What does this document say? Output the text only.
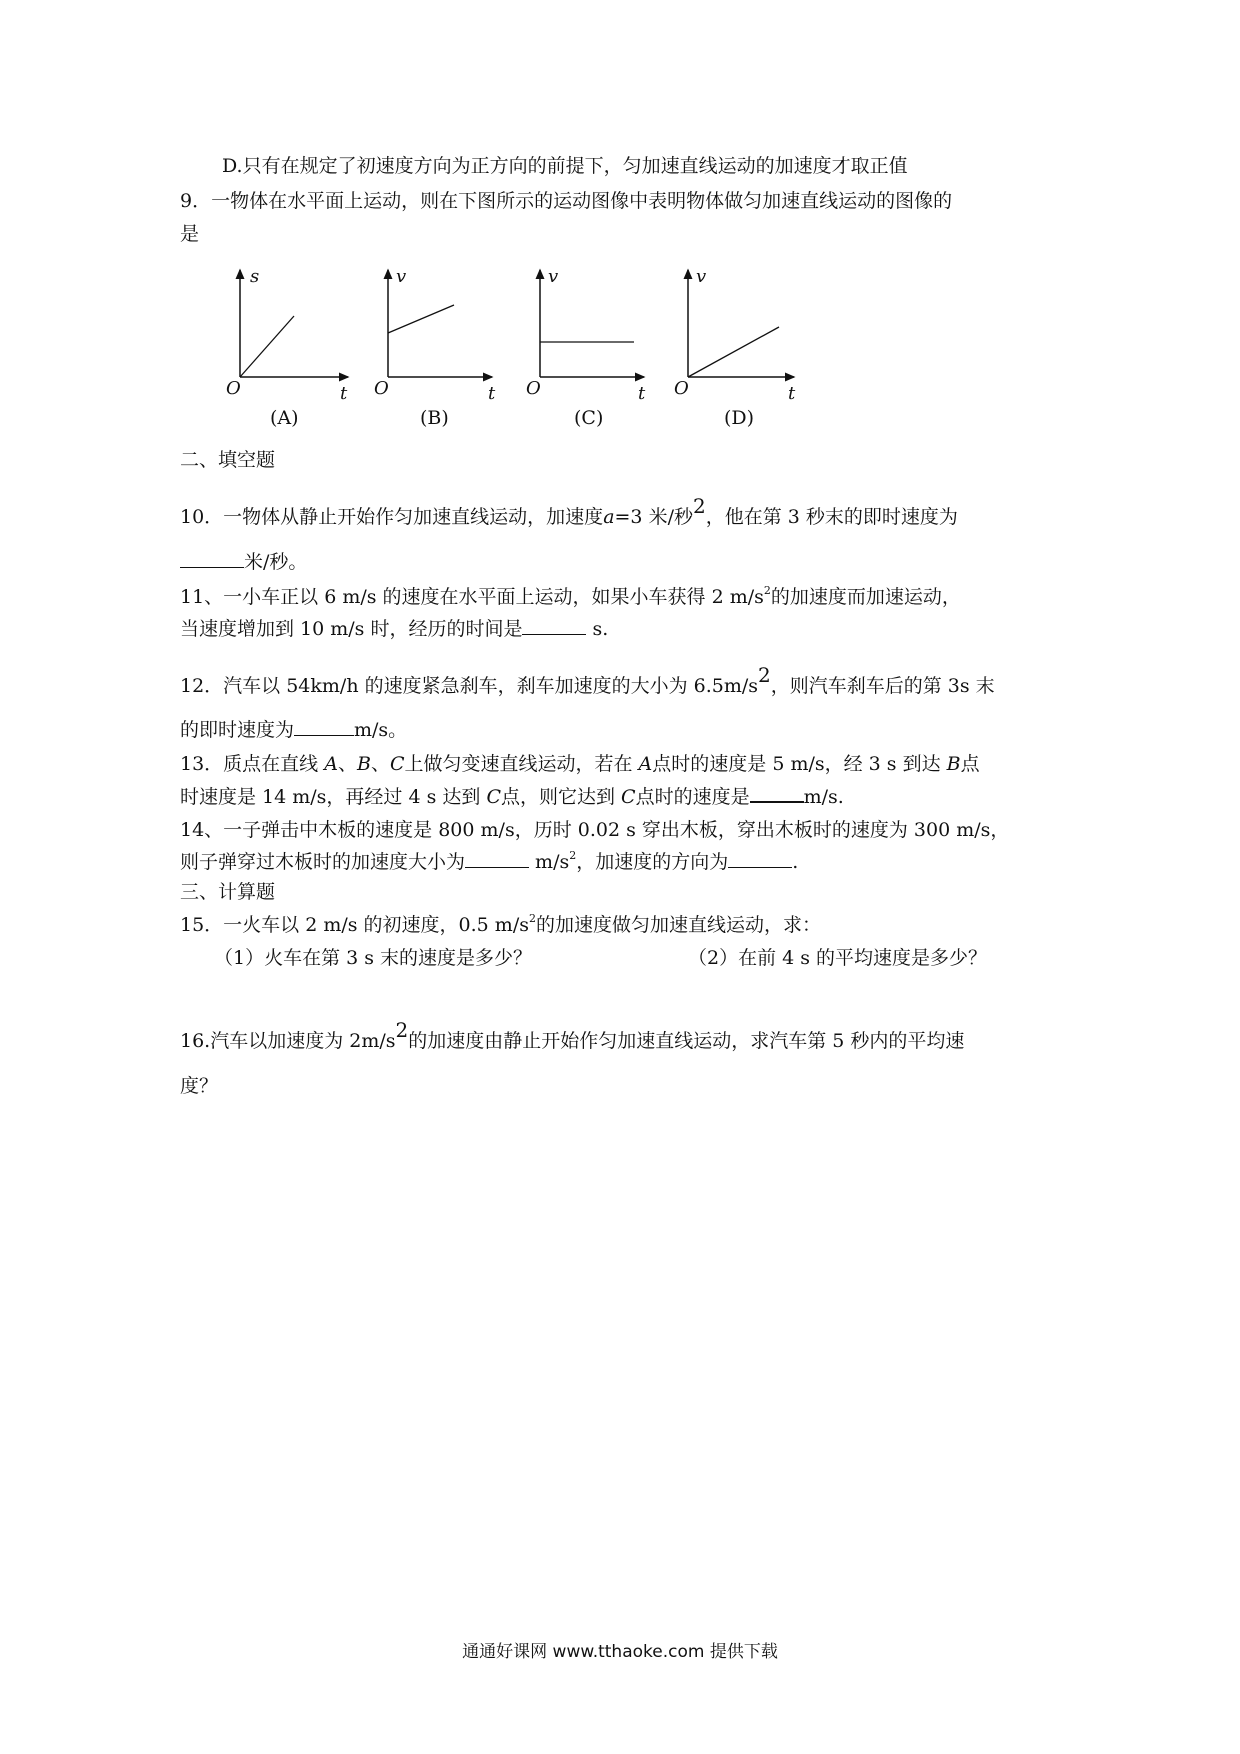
D.只有在规定了初速度方向为正方向的前提下，匀加速直线运动的加速度才取正值
9．一物体在水平面上运动，则在下图所示的运动图像中表明物体做匀加速直线运动的图像的
是
s
t
O
(A)
v
t
O
(B)
v
t
O
(C)
v
t
O
(D)
二、填空题
10．一物体从静止开始作匀加速直线运动，加速度a=3 米/秒$^2$，他在第 3 秒末的即时速度为
米/秒。
11、一小车正以 6 m/s 的速度在水平面上运动，如果小车获得 2 $m/s^2$的加速度而加速运动，
当速度增加到 10 m/s 时，经历的时间是	s.
12．汽车以 54km/h 的速度紧急刹车，刹车加速度的大小为 $6.5m/s^2$，则汽车刹车后的第 3s 末
的即时速度为	m/s。
13．质点在直线 A、B、C上做匀变速直线运动，若在 A点时的速度是 5 m/s，经 3 s 到达 B点
时速度是 14 m/s，再经过 4 s 达到 C点，则它达到 C点时的速度是	m/s.
14、一子弹击中木板的速度是 800 m/s，历时 0.02 s 穿出木板，穿出木板时的速度为 300 m/s，
则子弹穿过木板时的加速度大小为	$m/s^2$，加速度的方向为	.
三、计算题
15．一火车以 2 m/s 的初速度，0.5 $m/s^2$的加速度做匀加速直线运动，求：
（1）火车在第 3 s 末的速度是多少？	（2）在前 4 s 的平均速度是多少？
16.汽车以加速度为 $2m/s^2$的加速度由静止开始作匀加速直线运动，求汽车第 5 秒内的平均速
度？
通通好课网 www.tthaoke.com 提供下载
